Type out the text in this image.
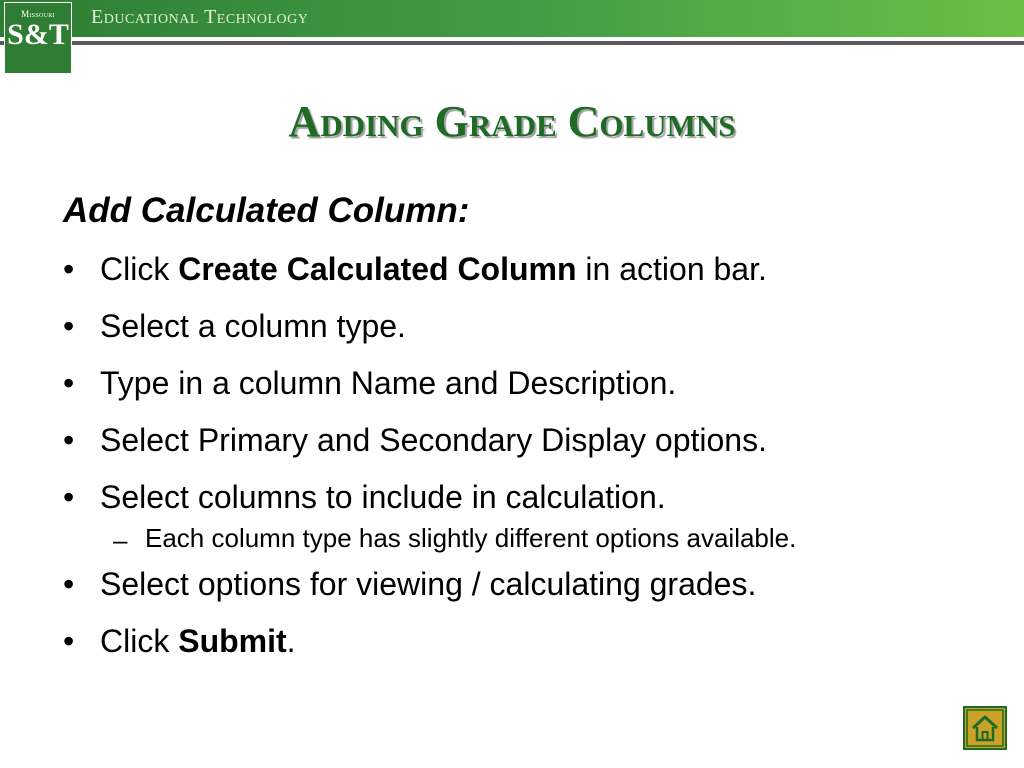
Educational Technology
Missouri
S&T
Adding Grade Columns
Add Calculated Column:
• Click Create Calculated Column in action bar.
• Select a column type.
• Type in a column Name and Description.
• Select Primary and Secondary Display options.
• Select columns to include in calculation.
– Each column type has slightly different options available.
• Select options for viewing / calculating grades.
• Click Submit.
